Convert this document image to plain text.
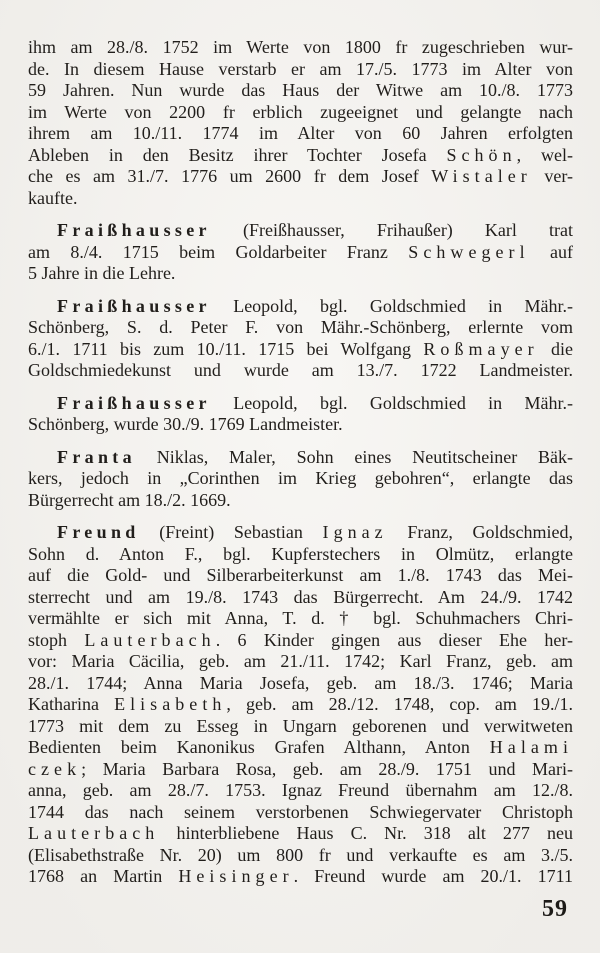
ihm am 28./8. 1752 im Werte von 1800 fr zugeschrieben wur-
de. In diesem Hause verstarb er am 17./5. 1773 im Alter von
59 Jahren. Nun wurde das Haus der Witwe am 10./8. 1773
im Werte von 2200 fr erblich zugeeignet und gelangte nach
ihrem am 10./11. 1774 im Alter von 60 Jahren erfolgten
Ableben in den Besitz ihrer Tochter Josefa Schön, wel-
che es am 31./7. 1776 um 2600 fr dem Josef Wistaler ver-
kaufte.
Fraißhausser (Freißhausser, Frihaußer) Karl trat
am 8./4. 1715 beim Goldarbeiter Franz Schwegerl auf
5 Jahre in die Lehre.
Fraißhausser Leopold, bgl. Goldschmied in Mähr.-
Schönberg, S. d. Peter F. von Mähr.-Schönberg, erlernte vom
6./1. 1711 bis zum 10./11. 1715 bei Wolfgang Roßmayer die
Goldschmiedekunst und wurde am 13./7. 1722 Landmeister.
Fraißhausser Leopold, bgl. Goldschmied in Mähr.-
Schönberg, wurde 30./9. 1769 Landmeister.
Franta Niklas, Maler, Sohn eines Neutitscheiner Bäk-
kers, jedoch in „Corinthen im Krieg gebohren“, erlangte das
Bürgerrecht am 18./2. 1669.
Freund (Freint) Sebastian Ignaz Franz, Goldschmied,
Sohn d. Anton F., bgl. Kupferstechers in Olmütz, erlangte
auf die Gold- und Silberarbeiterkunst am 1./8. 1743 das Mei-
sterrecht und am 19./8. 1743 das Bürgerrecht. Am 24./9. 1742
vermählte er sich mit Anna, T. d. † bgl. Schuhmachers Chri-
stoph Lauterbach. 6 Kinder gingen aus dieser Ehe her-
vor: Maria Cäcilia, geb. am 21./11. 1742; Karl Franz, geb. am
28./1. 1744; Anna Maria Josefa, geb. am 18./3. 1746; Maria
Katharina Elisabeth, geb. am 28./12. 1748, cop. am 19./1.
1773 mit dem zu Esseg in Ungarn geborenen und verwitweten
Bedienten beim Kanonikus Grafen Althann, Anton Halami
czek; Maria Barbara Rosa, geb. am 28./9. 1751 und Mari-
anna, geb. am 28./7. 1753. Ignaz Freund übernahm am 12./8.
1744 das nach seinem verstorbenen Schwiegervater Christoph
Lauterbach hinterbliebene Haus C. Nr. 318 alt 277 neu
(Elisabethstraße Nr. 20) um 800 fr und verkaufte es am 3./5.
1768 an Martin Heisinger. Freund wurde am 20./1. 1711
59
